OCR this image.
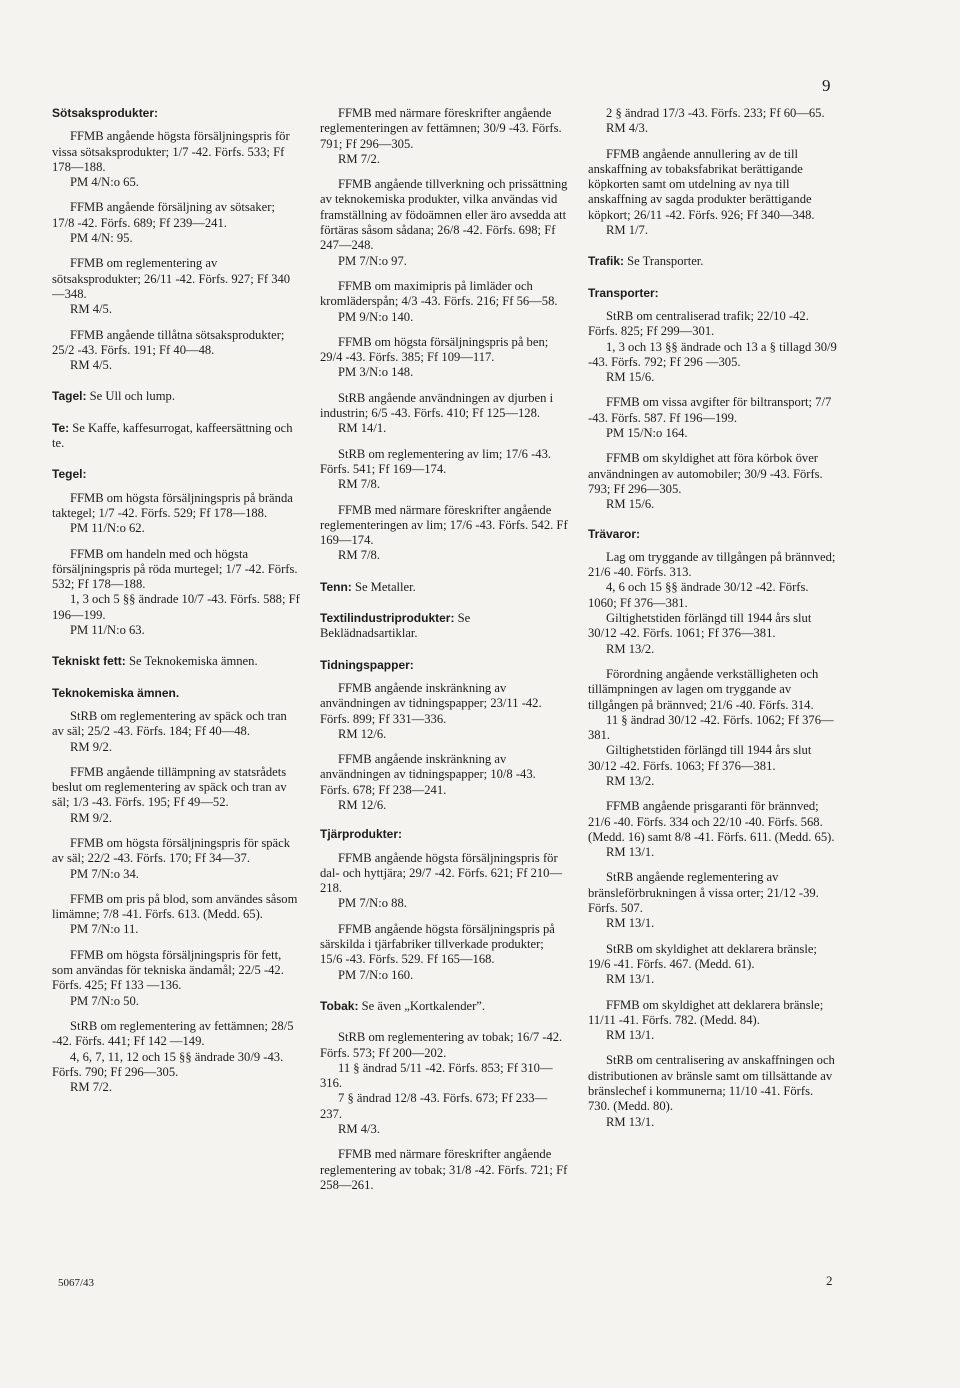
9
Sötsaksprodukter:

FFMB angående högsta försäljningspris för vissa sötsaksprodukter; 1/7 -42. Förfs. 533; Ff 178—188.

PM 4/N:o 65.

FFMB angående försäljning av sötsaker; 17/8 -42. Förfs. 689; Ff 239—241.

PM 4/N: 95.

FFMB om reglementering av sötsaksprodukter; 26/11 -42. Förfs. 927; Ff 340—348.

RM 4/5.

FFMB angående tillåtna sötsaksprodukter; 25/2 -43. Förfs. 191; Ff 40—48.

RM 4/5.

Tagel: Se Ull och lump.
Te: Se Kaffe, kaffesurrogat, kaffeersättning och te.
Tegel:

FFMB om högsta försäljningspris på brända taktegel; 1/7 -42. Förfs. 529; Ff 178—188.

PM 11/N:o 62.

FFMB om handeln med och högsta försäljningspris på röda murtegel; 1/7 -42. Förfs. 532; Ff 178—188.

1, 3 och 5 §§ ändrade 10/7 -43. Förfs. 588; Ff 196—199.

PM 11/N:o 63.

Tekniskt fett: Se Teknokemiska ämnen.
Teknokemiska ämnen.

StRB om reglementering av späck och tran av säl; 25/2 -43. Förfs. 184; Ff 40—48.

RM 9/2.

FFMB angående tillämpning av statsrådets beslut om reglementering av späck och tran av säl; 1/3 -43. Förfs. 195; Ff 49—52.

RM 9/2.

FFMB om högsta försäljningspris för späck av säl; 22/2 -43. Förfs. 170; Ff 34—37.

PM 7/N:o 34.

FFMB om pris på blod, som användes såsom limämne; 7/8 -41. Förfs. 613. (Medd. 65).

PM 7/N:o 11.

FFMB om högsta försäljningspris för fett, som användas för tekniska ändamål; 22/5 -42. Förfs. 425; Ff 133 —136.

PM 7/N:o 50.

StRB om reglementering av fettämnen; 28/5 -42. Förfs. 441; Ff 142 —149.

4, 6, 7, 11, 12 och 15 §§ ändrade 30/9 -43. Förfs. 790; Ff 296—305.

RM 7/2.

FFMB med närmare föreskrifter angående reglementeringen av fettämnen; 30/9 -43. Förfs. 791; Ff 296—305.

RM 7/2.

FFMB angående tillverkning och prissättning av teknokemiska produkter, vilka användas vid framställning av födoämnen eller äro avsedda att förtäras såsom sådana; 26/8 -42. Förfs. 698; Ff 247—248.

PM 7/N:o 97.

FFMB om maximipris på limläder och kromläderspån; 4/3 -43. Förfs. 216; Ff 56—58.

PM 9/N:o 140.

FFMB om högsta försäljningspris på ben; 29/4 -43. Förfs. 385; Ff 109—117.

PM 3/N:o 148.

StRB angående användningen av djurben i industrin; 6/5 -43. Förfs. 410; Ff 125—128.

RM 14/1.

StRB om reglementering av lim; 17/6 -43. Förfs. 541; Ff 169—174.

RM 7/8.

FFMB med närmare föreskrifter angående reglementeringen av lim; 17/6 -43. Förfs. 542. Ff 169—174.

RM 7/8.

Tenn: Se Metaller.
Textilindustriprodukter: Se Beklädnadsartiklar.
Tidningspapper:

FFMB angående inskränkning av användningen av tidningspapper; 23/11 -42. Förfs. 899; Ff 331—336.

RM 12/6.

FFMB angående inskränkning av användningen av tidningspapper; 10/8 -43. Förfs. 678; Ff 238—241.

RM 12/6.

Tjärprodukter:

FFMB angående högsta försäljningspris för dal- och hyttjära; 29/7 -42. Förfs. 621; Ff 210—218.

PM 7/N:o 88.

FFMB angående högsta försäljningspris på särskilda i tjärfabriker tillverkade produkter; 15/6 -43. Förfs. 529. Ff 165—168.

PM 7/N:o 160.

Tobak: Se även „Kortkalender”.

StRB om reglementering av tobak; 16/7 -42. Förfs. 573; Ff 200—202.

11 § ändrad 5/11 -42. Förfs. 853; Ff 310—316.

7 § ändrad 12/8 -43. Förfs. 673; Ff 233—237.

RM 4/3.

FFMB med närmare föreskrifter angående reglementering av tobak; 31/8 -42. Förfs. 721; Ff 258—261.

2 § ändrad 17/3 -43. Förfs. 233; Ff 60—65.

RM 4/3.

FFMB angående annullering av de till anskaffning av tobaksfabrikat berättigande köpkorten samt om utdelning av nya till anskaffning av sagda produkter berättigande köpkort; 26/11 -42. Förfs. 926; Ff 340—348.

RM 1/7.

Trafik: Se Transporter.
Transporter:

StRB om centraliserad trafik; 22/10 -42. Förfs. 825; Ff 299—301.

1, 3 och 13 §§ ändrade och 13 a § tillagd 30/9 -43. Förfs. 792; Ff 296 —305.

RM 15/6.

FFMB om vissa avgifter för biltransport; 7/7 -43. Förfs. 587. Ff 196—199.

PM 15/N:o 164.

FFMB om skyldighet att föra körbok över användningen av automobiler; 30/9 -43. Förfs. 793; Ff 296—305.

RM 15/6.

Trävaror:

Lag om tryggande av tillgången på brännved; 21/6 -40. Förfs. 313.

4, 6 och 15 §§ ändrade 30/12 -42. Förfs. 1060; Ff 376—381.

Giltighetstiden förlängd till 1944 års slut 30/12 -42. Förfs. 1061; Ff 376—381.

RM 13/2.

Förordning angående verkställigheten och tillämpningen av lagen om tryggande av tillgången på brännved; 21/6 -40. Förfs. 314.

11 § ändrad 30/12 -42. Förfs. 1062; Ff 376—381.

Giltighetstiden förlängd till 1944 års slut 30/12 -42. Förfs. 1063; Ff 376—381.

RM 13/2.

FFMB angående prisgaranti för brännved; 21/6 -40. Förfs. 334 och 22/10 -40. Förfs. 568. (Medd. 16) samt 8/8 -41. Förfs. 611. (Medd. 65).

RM 13/1.

StRB angående reglementering av bränsleförbrukningen å vissa orter; 21/12 -39. Förfs. 507.

RM 13/1.

StRB om skyldighet att deklarera bränsle; 19/6 -41. Förfs. 467. (Medd. 61).

RM 13/1.

FFMB om skyldighet att deklarera bränsle; 11/11 -41. Förfs. 782. (Medd. 84).

RM 13/1.

StRB om centralisering av anskaffningen och distributionen av bränsle samt om tillsättande av bränslechef i kommunerna; 11/10 -41. Förfs. 730. (Medd. 80).

RM 13/1.

5067/43	2
